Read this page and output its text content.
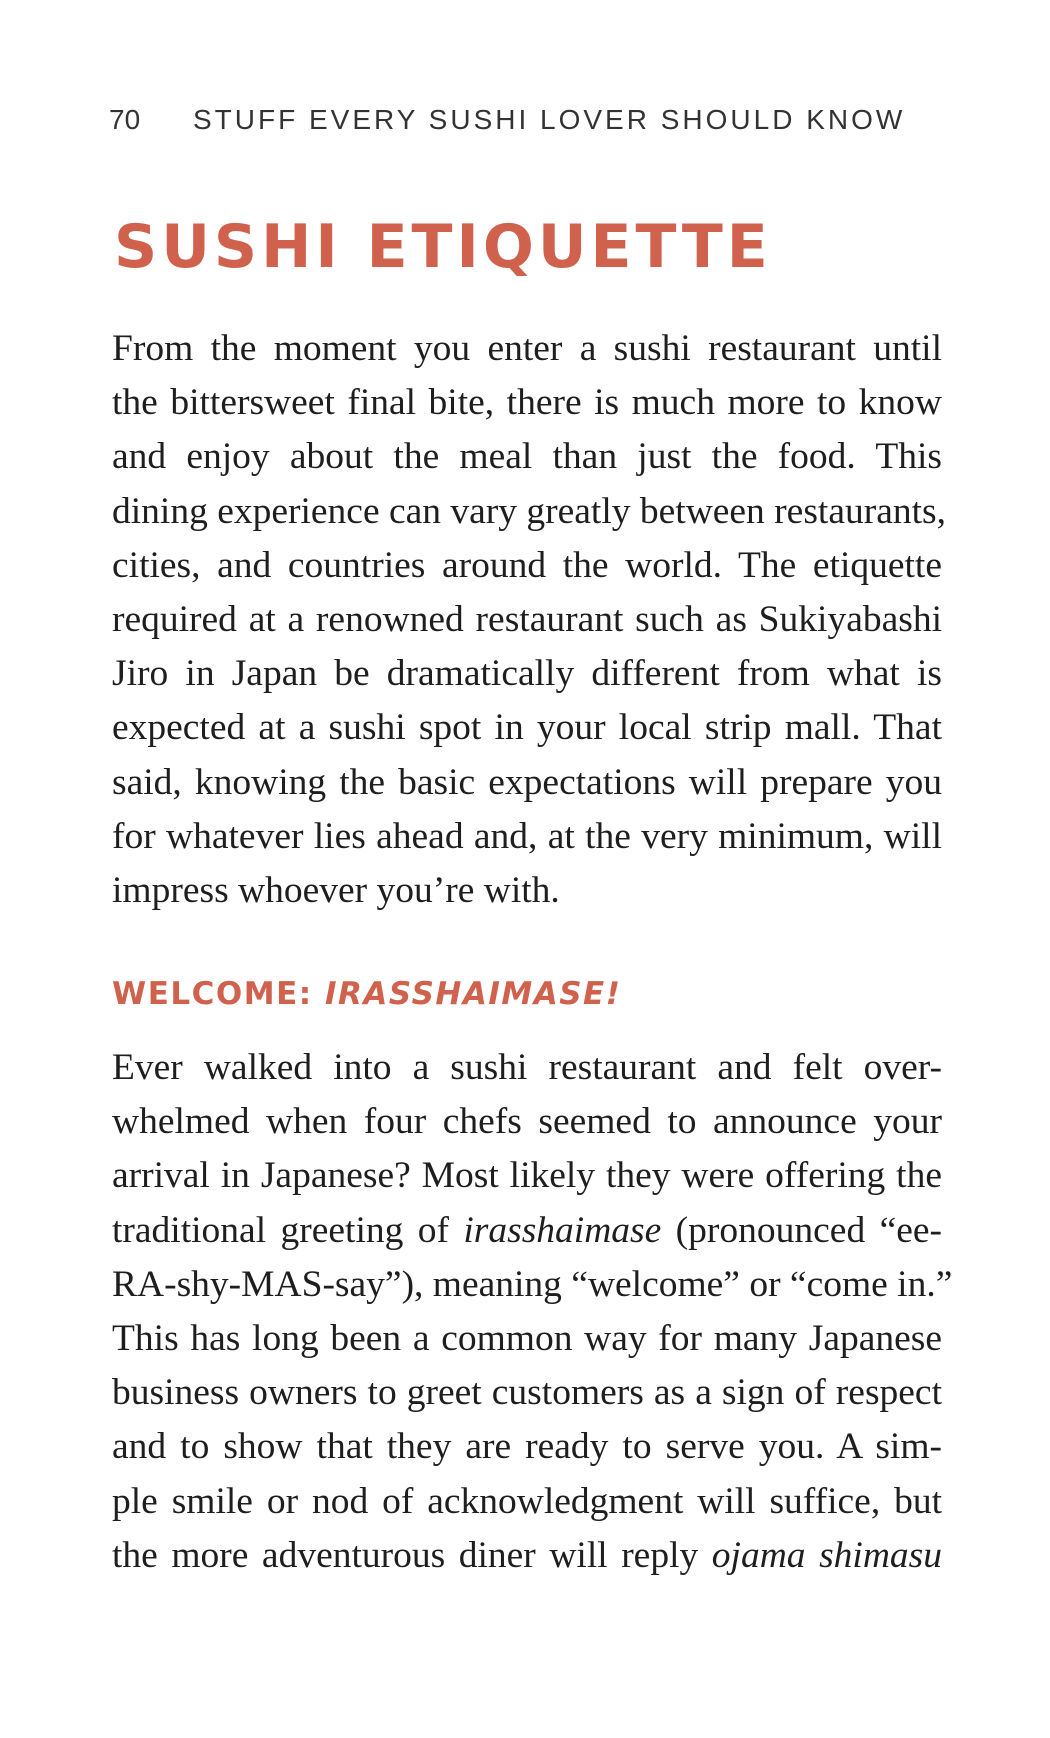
70 STUFF EVERY SUSHI LOVER SHOULD KNOW
SUSHI ETIQUETTE

From the moment you enter a sushi restaurant until
the bittersweet final bite, there is much more to know
and enjoy about the meal than just the food. This
dining experience can vary greatly between restaurants,
cities, and countries around the world. The etiquette
required at a renowned restaurant such as Sukiyabashi
Jiro in Japan be dramatically different from what is
expected at a sushi spot in your local strip mall. That
said, knowing the basic expectations will prepare you
for whatever lies ahead and, at the very minimum, will
impress whoever you’re with.

WELCOME: IRASSHAIMASE!

Ever walked into a sushi restaurant and felt over-
whelmed when four chefs seemed to announce your
arrival in Japanese? Most likely they were offering the
traditional greeting of irasshaimase (pronounced “ee-
RA-shy-MAS-say”), meaning “welcome” or “come in.”
This has long been a common way for many Japanese
business owners to greet customers as a sign of respect
and to show that they are ready to serve you. A sim-
ple smile or nod of acknowledgment will suffice, but
the more adventurous diner will reply ojama shimasu
